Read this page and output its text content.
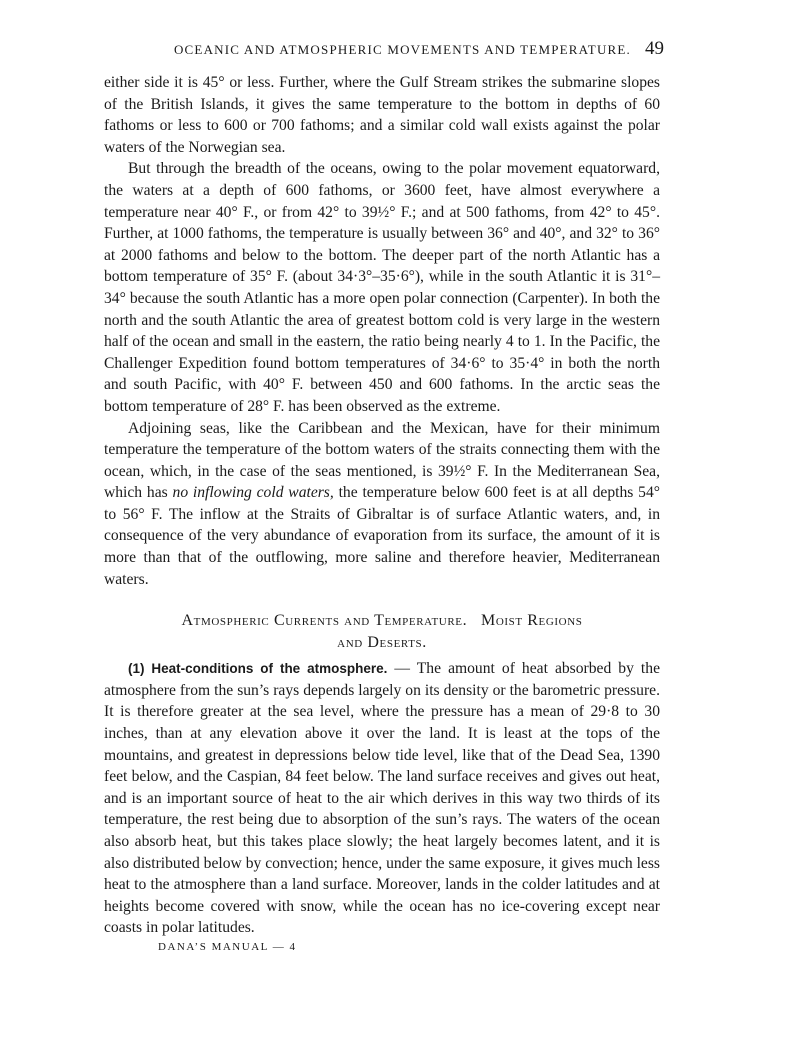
OCEANIC AND ATMOSPHERIC MOVEMENTS AND TEMPERATURE. 49

either side it is 45° or less. Further, where the Gulf Stream strikes the submarine slopes of the British Islands, it gives the same temperature to the bottom in depths of 60 fathoms or less to 600 or 700 fathoms; and a similar cold wall exists against the polar waters of the Norwegian sea.

But through the breadth of the oceans, owing to the polar movement equatorward, the waters at a depth of 600 fathoms, or 3600 feet, have almost everywhere a temperature near 40° F., or from 42° to 39½° F.; and at 500 fathoms, from 42° to 45°. Further, at 1000 fathoms, the temperature is usually between 36° and 40°, and 32° to 36° at 2000 fathoms and below to the bottom. The deeper part of the north Atlantic has a bottom temperature of 35° F. (about 34·3°–35·6°), while in the south Atlantic it is 31°–34° because the south Atlantic has a more open polar connection (Carpenter). In both the north and the south Atlantic the area of greatest bottom cold is very large in the western half of the ocean and small in the eastern, the ratio being nearly 4 to 1. In the Pacific, the Challenger Expedition found bottom temperatures of 34·6° to 35·4° in both the north and south Pacific, with 40° F. between 450 and 600 fathoms. In the arctic seas the bottom temperature of 28° F. has been observed as the extreme.

Adjoining seas, like the Caribbean and the Mexican, have for their minimum temperature the temperature of the bottom waters of the straits connecting them with the ocean, which, in the case of the seas mentioned, is 39½° F. In the Mediterranean Sea, which has no inflowing cold waters, the temperature below 600 feet is at all depths 54° to 56° F. The inflow at the Straits of Gibraltar is of surface Atlantic waters, and, in consequence of the very abundance of evaporation from its surface, the amount of it is more than that of the outflowing, more saline and therefore heavier, Mediterranean waters.

Atmospheric Currents and Temperature.   Moist Regions
and Deserts.

(1) Heat-conditions of the atmosphere. — The amount of heat absorbed by the atmosphere from the sun’s rays depends largely on its density or the barometric pressure. It is therefore greater at the sea level, where the pressure has a mean of 29·8 to 30 inches, than at any elevation above it over the land. It is least at the tops of the mountains, and greatest in depressions below tide level, like that of the Dead Sea, 1390 feet below, and the Caspian, 84 feet below. The land surface receives and gives out heat, and is an important source of heat to the air which derives in this way two thirds of its temperature, the rest being due to absorption of the sun’s rays. The waters of the ocean also absorb heat, but this takes place slowly; the heat largely becomes latent, and it is also distributed below by convection; hence, under the same exposure, it gives much less heat to the atmosphere than a land surface. Moreover, lands in the colder latitudes and at heights become covered with snow, while the ocean has no ice-covering except near coasts in polar latitudes.

DANA’S MANUAL — 4
